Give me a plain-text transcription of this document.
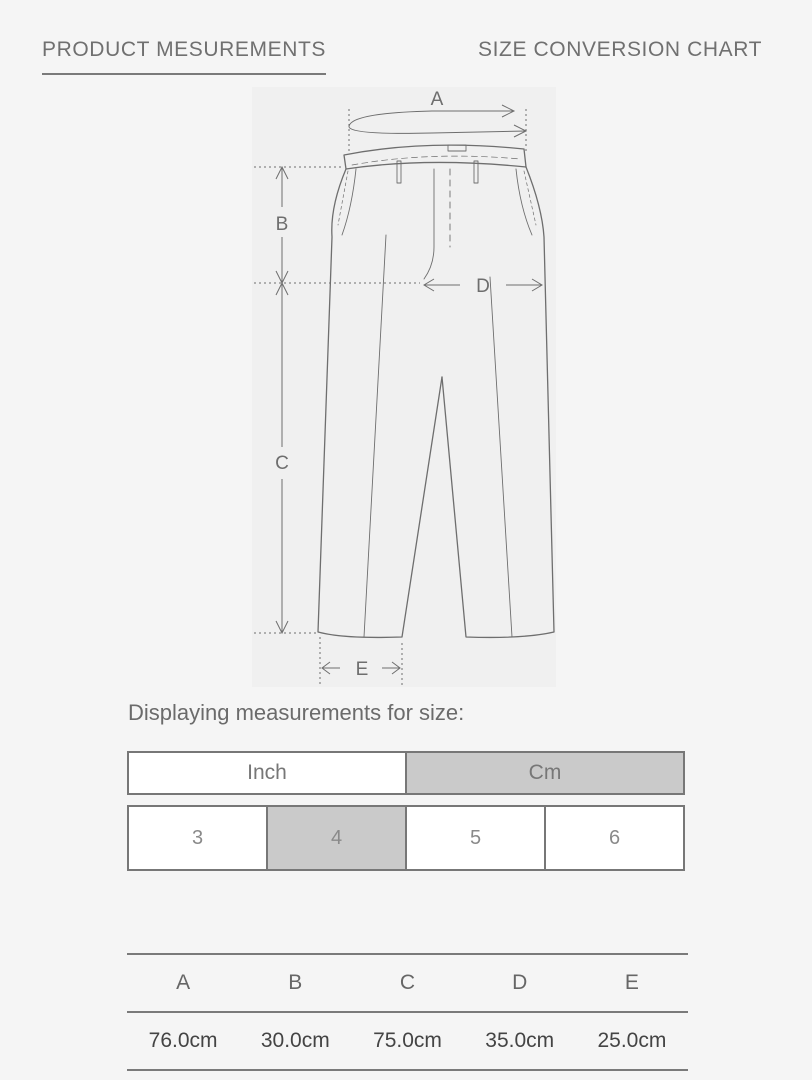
PRODUCT MESUREMENTS	SIZE CONVERSION CHART
A
B
C
D
E
Displaying measurements for size:
Inch	Cm
3	4	5	6
A	B	C	D	E
76.0cm	30.0cm	75.0cm	35.0cm	25.0cm
